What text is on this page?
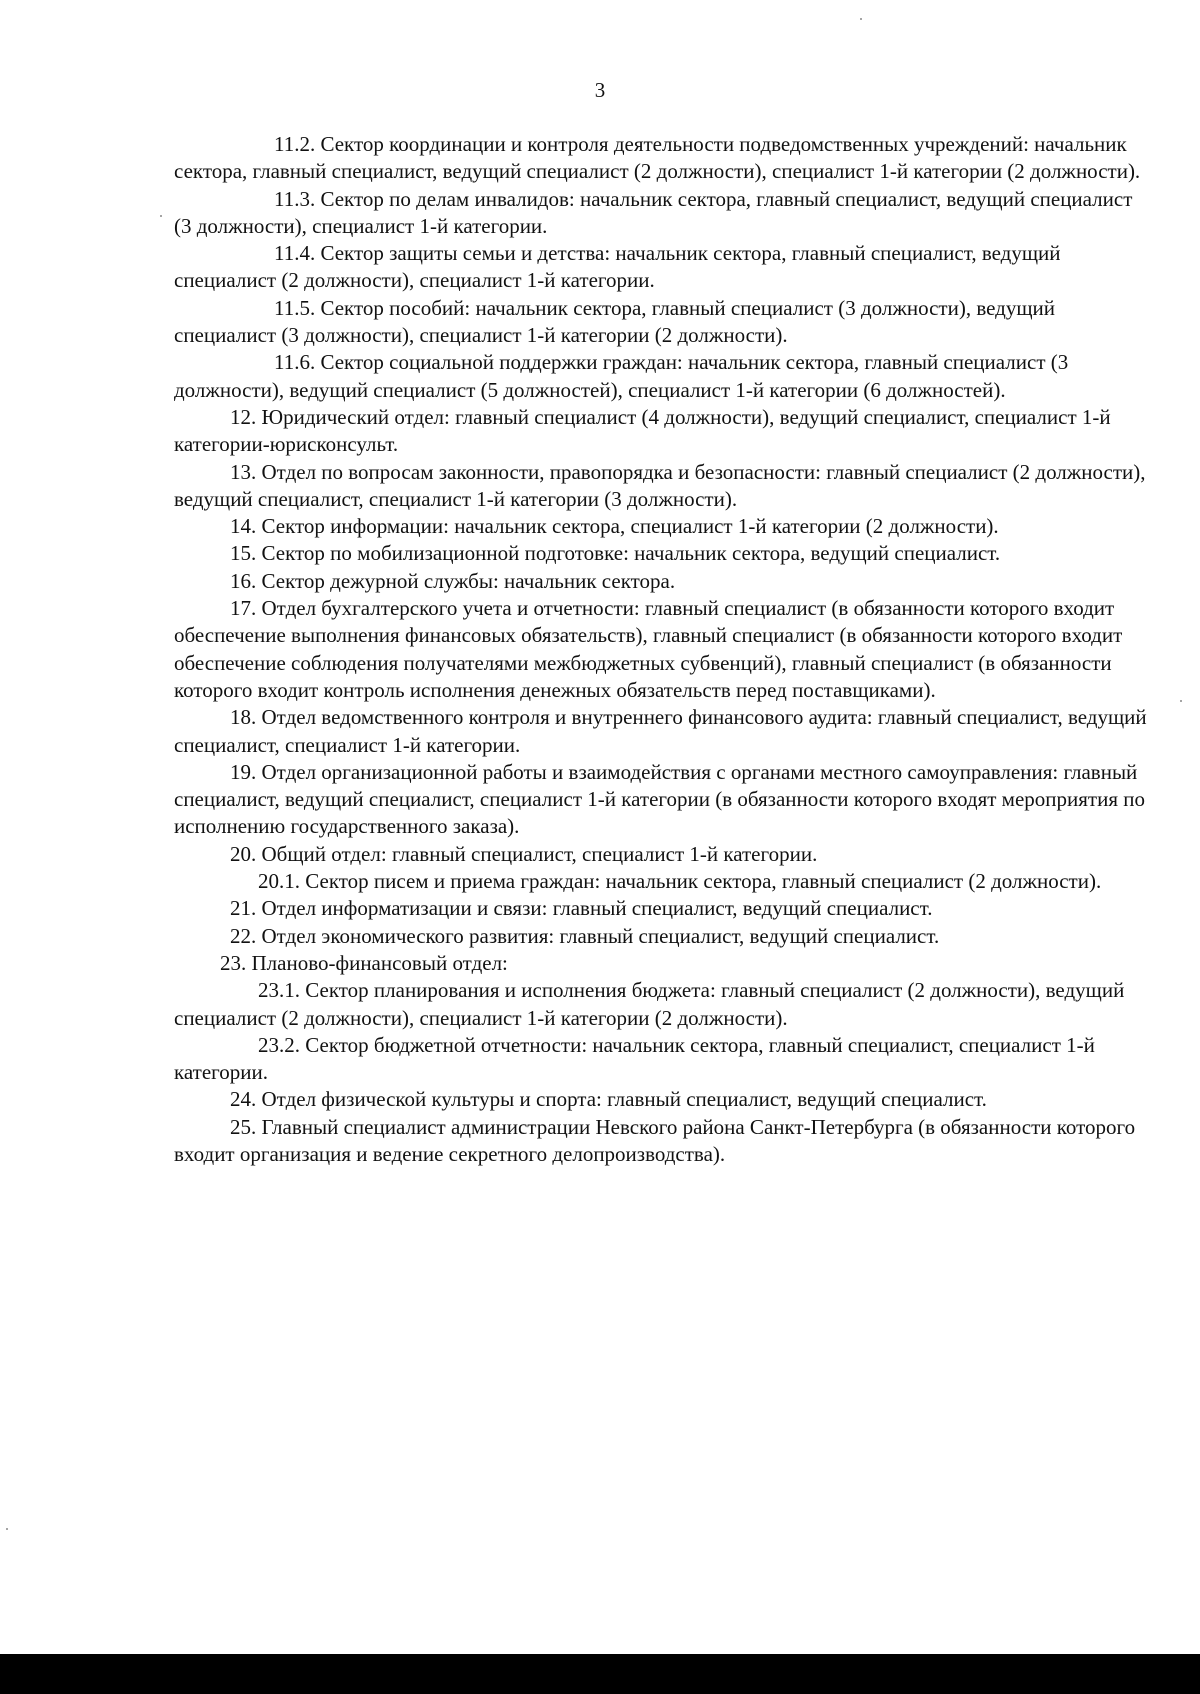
3

11.2. Сектор координации и контроля деятельности подведомственных учреждений: начальник сектора, главный специалист, ведущий специалист (2 должности), специалист 1-й категории (2 должности).

11.3. Сектор по делам инвалидов: начальник сектора, главный специалист, ведущий специалист (3 должности), специалист 1-й категории.

11.4. Сектор защиты семьи и детства: начальник сектора, главный специалист, ведущий специалист (2 должности), специалист 1-й категории.

11.5. Сектор пособий: начальник сектора, главный специалист (3 должности), ведущий специалист (3 должности), специалист 1-й категории (2 должности).

11.6. Сектор социальной поддержки граждан: начальник сектора, главный специалист (3 должности), ведущий специалист (5 должностей), специалист 1-й категории (6 должностей).

12. Юридический отдел: главный специалист (4 должности), ведущий специалист, специалист 1-й категории-юрисконсульт.

13. Отдел по вопросам законности, правопорядка и безопасности: главный специалист (2 должности), ведущий специалист, специалист 1-й категории (3 должности).

14. Сектор информации: начальник сектора, специалист 1-й категории (2 должности).

15. Сектор по мобилизационной подготовке: начальник сектора, ведущий специалист.

16. Сектор дежурной службы: начальник сектора.

17. Отдел бухгалтерского учета и отчетности: главный специалист (в обязанности которого входит обеспечение выполнения финансовых обязательств), главный специалист (в обязанности которого входит обеспечение соблюдения получателями межбюджетных субвенций), главный специалист (в обязанности которого входит контроль исполнения денежных обязательств перед поставщиками).

18. Отдел ведомственного контроля и внутреннего финансового аудита: главный специалист, ведущий специалист, специалист 1-й категории.

19. Отдел организационной работы и взаимодействия с органами местного самоуправления: главный специалист, ведущий специалист, специалист 1-й категории (в обязанности которого входят мероприятия по исполнению государственного заказа).

20. Общий отдел: главный специалист, специалист 1-й категории.

20.1. Сектор писем и приема граждан: начальник сектора, главный специалист (2 должности).

21. Отдел информатизации и связи: главный специалист, ведущий специалист.

22. Отдел экономического развития: главный специалист, ведущий специалист.

23. Планово-финансовый отдел:

23.1. Сектор планирования и исполнения бюджета: главный специалист (2 должности), ведущий специалист (2 должности), специалист 1-й категории (2 должности).

23.2. Сектор бюджетной отчетности: начальник сектора, главный специалист, специалист 1-й категории.

24. Отдел физической культуры и спорта: главный специалист, ведущий специалист.

25. Главный специалист администрации Невского района Санкт-Петербурга (в обязанности которого входит организация и ведение секретного делопроизводства).
